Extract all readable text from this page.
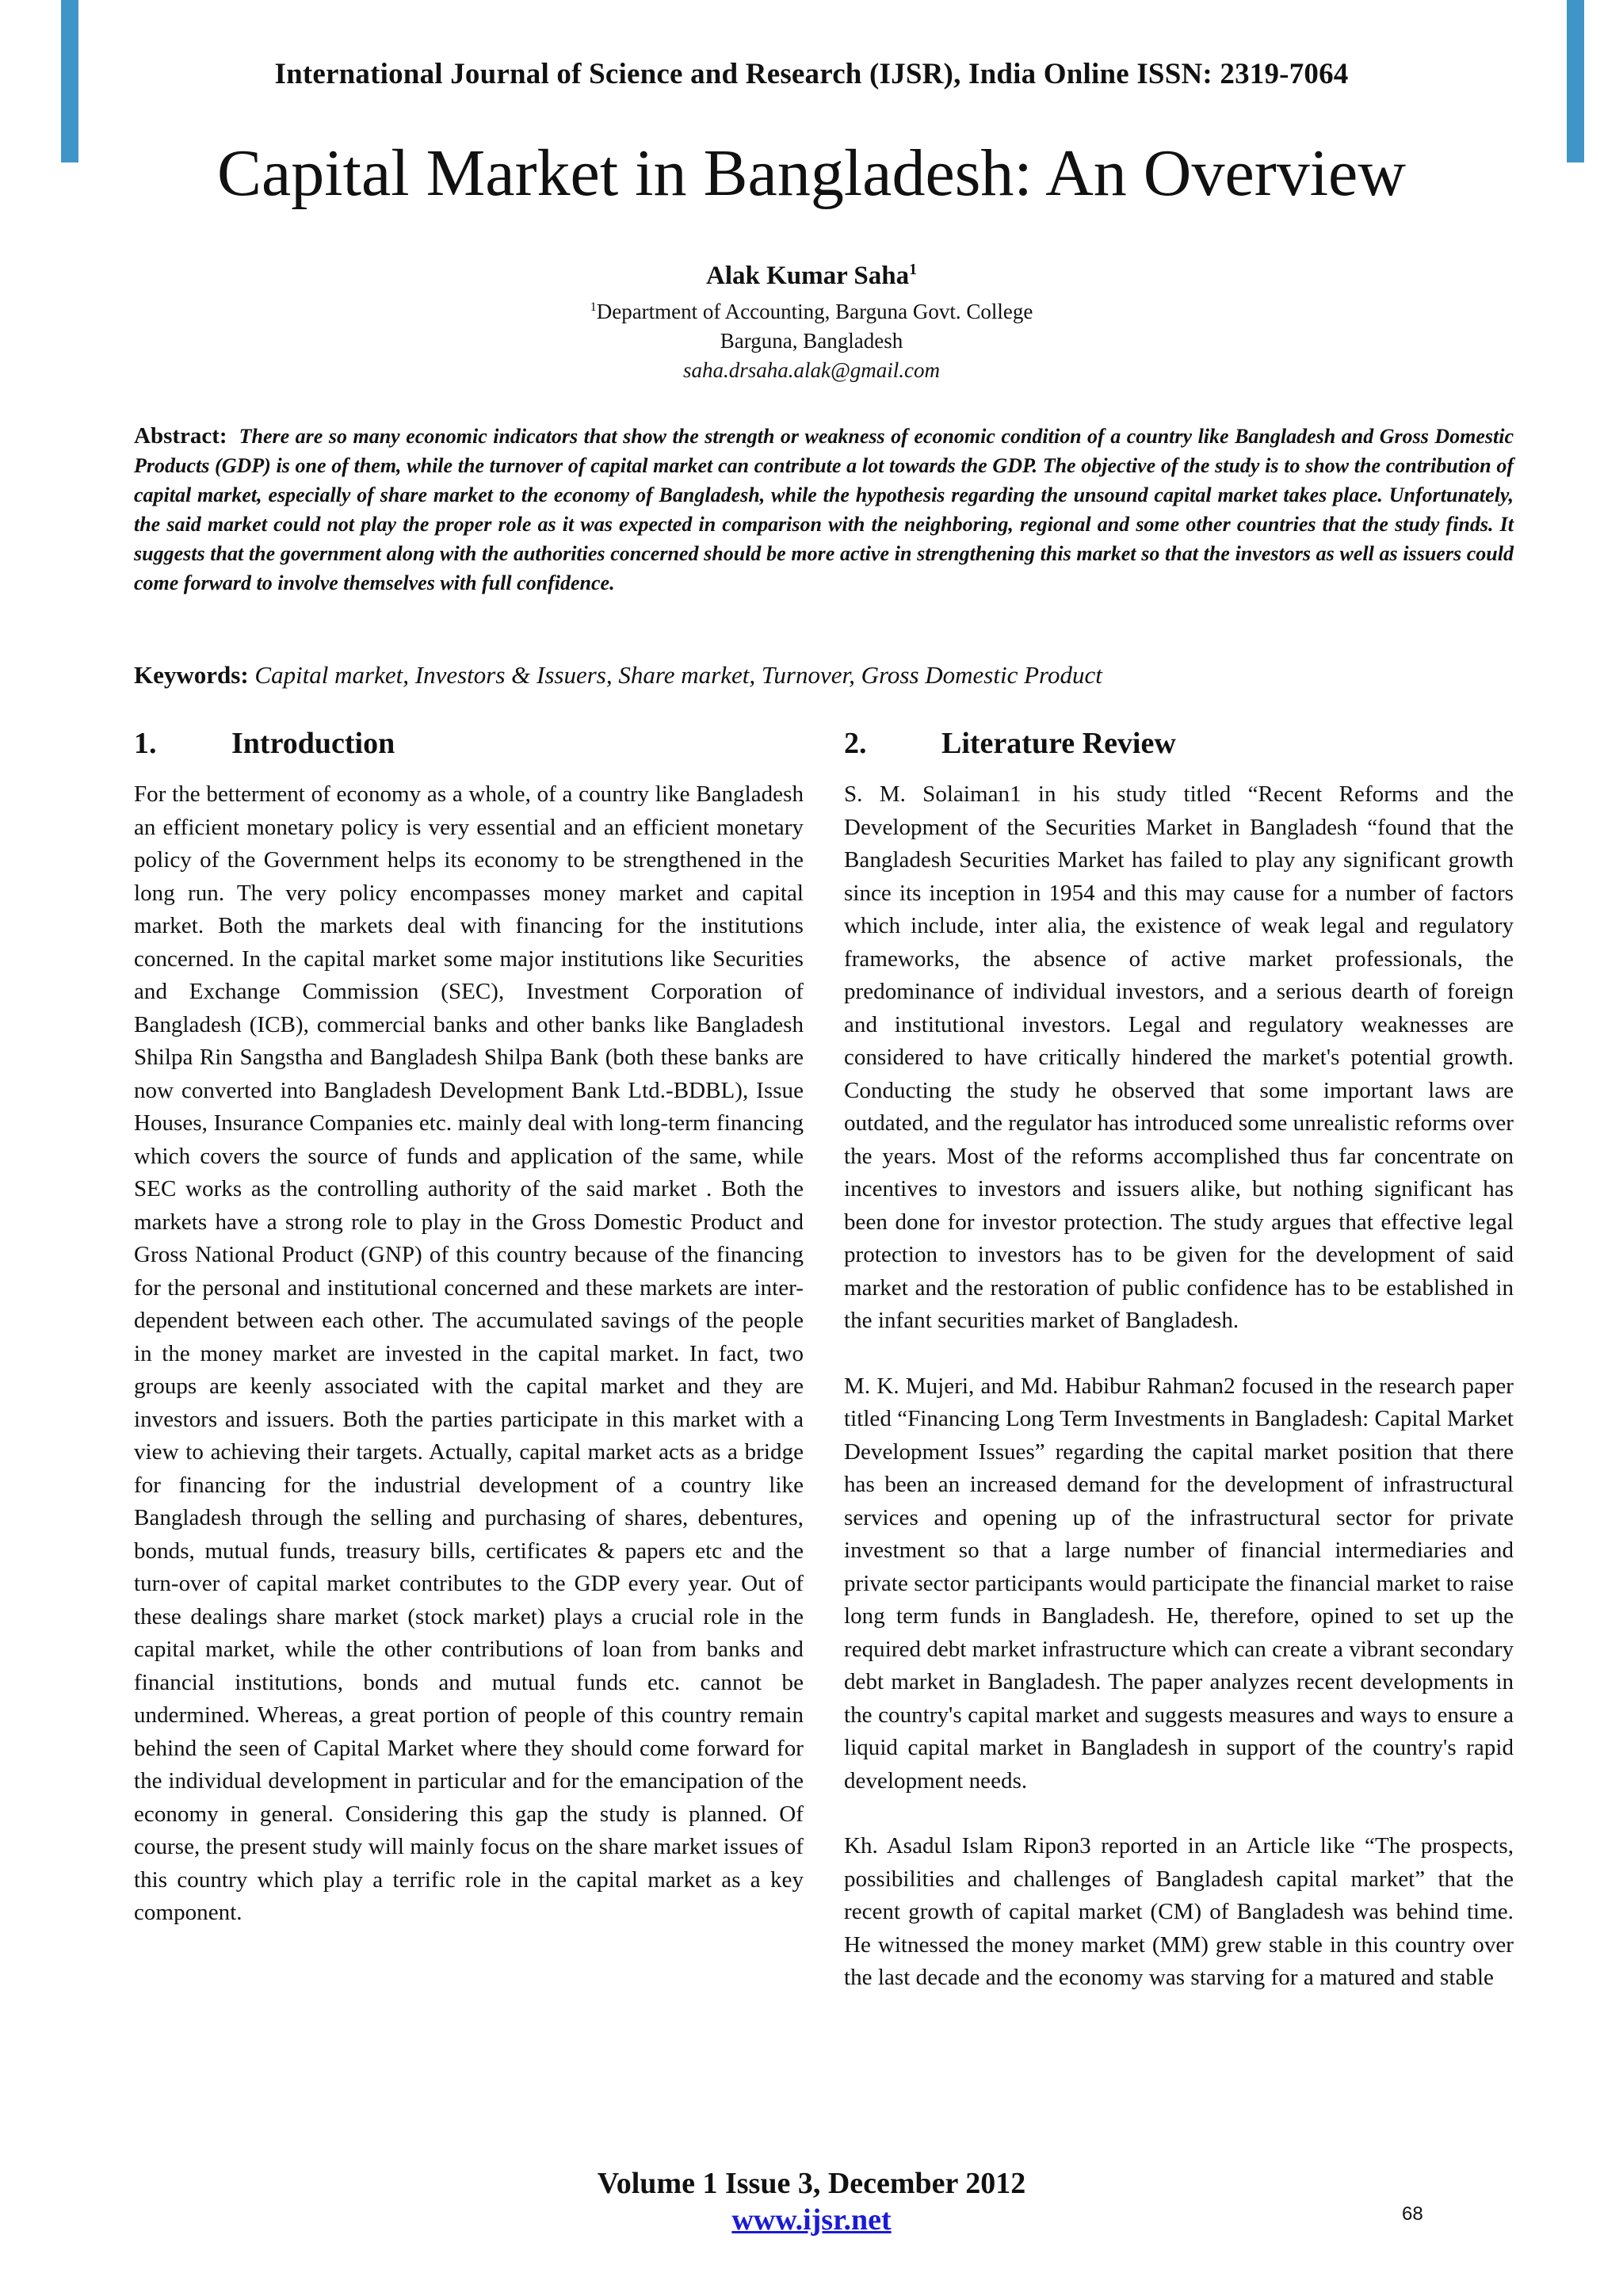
International Journal of Science and Research (IJSR), India Online ISSN: 2319-7064
Capital Market in Bangladesh: An Overview
Alak Kumar Saha$^1$
$^1$Department of Accounting, Barguna Govt. College
Barguna, Bangladesh
saha.drsaha.alak@gmail.com
Abstract: There are so many economic indicators that show the strength or weakness of economic condition of a country like Bangladesh and Gross Domestic Products (GDP) is one of them, while the turnover of capital market can contribute a lot towards the GDP. The objective of the study is to show the contribution of capital market, especially of share market to the economy of Bangladesh, while the hypothesis regarding the unsound capital market takes place. Unfortunately, the said market could not play the proper role as it was expected in comparison with the neighboring, regional and some other countries that the study finds. It suggests that the government along with the authorities concerned should be more active in strengthening this market so that the investors as well as issuers could come forward to involve themselves with full confidence.
Keywords: Capital market, Investors & Issuers, Share market, Turnover, Gross Domestic Product
1.	Introduction

For the betterment of economy as a whole, of a country like Bangladesh an efficient monetary policy is very essential and an efficient monetary policy of the Government helps its economy to be strengthened in the long run. The very policy encompasses money market and capital market. Both the markets deal with financing for the institutions concerned. In the capital market some major institutions like Securities and Exchange Commission (SEC), Investment Corporation of Bangladesh (ICB), commercial banks and other banks like Bangladesh Shilpa Rin Sangstha and Bangladesh Shilpa Bank (both these banks are now converted into Bangladesh Development Bank Ltd.-BDBL), Issue Houses, Insurance Companies etc. mainly deal with long-term financing which covers the source of funds and application of the same, while SEC works as the controlling authority of the said market . Both the markets have a strong role to play in the Gross Domestic Product and Gross National Product (GNP) of this country because of the financing for the personal and institutional concerned and these markets are inter-dependent between each other. The accumulated savings of the people in the money market are invested in the capital market. In fact, two groups are keenly associated with the capital market and they are investors and issuers. Both the parties participate in this market with a view to achieving their targets. Actually, capital market acts as a bridge for financing for the industrial development of a country like Bangladesh through the selling and purchasing of shares, debentures, bonds, mutual funds, treasury bills, certificates & papers etc and the turn-over of capital market contributes to the GDP every year. Out of these dealings share market (stock market) plays a crucial role in the capital market, while the other contributions of loan from banks and financial institutions, bonds and mutual funds etc. cannot be undermined. Whereas, a great portion of people of this country remain behind the seen of Capital Market where they should come forward for the individual development in particular and for the emancipation of the economy in general. Considering this gap the study is planned. Of course, the present study will mainly focus on the share market issues of this country which play a terrific role in the capital market as a key component.

2.	Literature Review

S. M. Solaiman1 in his study titled “Recent Reforms and the Development of the Securities Market in Bangladesh “found that the Bangladesh Securities Market has failed to play any significant growth since its inception in 1954 and this may cause for a number of factors which include, inter alia, the existence of weak legal and regulatory frameworks, the absence of active market professionals, the predominance of individual investors, and a serious dearth of foreign and institutional investors. Legal and regulatory weaknesses are considered to have critically hindered the market's potential growth. Conducting the study he observed that some important laws are outdated, and the regulator has introduced some unrealistic reforms over the years. Most of the reforms accomplished thus far concentrate on incentives to investors and issuers alike, but nothing significant has been done for investor protection. The study argues that effective legal protection to investors has to be given for the development of said market and the restoration of public confidence has to be established in the infant securities market of Bangladesh.

M. K. Mujeri, and Md. Habibur Rahman2 focused in the research paper titled “Financing Long Term Investments in Bangladesh: Capital Market Development Issues” regarding the capital market position that there has been an increased demand for the development of infrastructural services and opening up of the infrastructural sector for private investment so that a large number of financial intermediaries and private sector participants would participate the financial market to raise long term funds in Bangladesh. He, therefore, opined to set up the required debt market infrastructure which can create a vibrant secondary debt market in Bangladesh. The paper analyzes recent developments in the country's capital market and suggests measures and ways to ensure a liquid capital market in Bangladesh in support of the country's rapid development needs.

Kh. Asadul Islam Ripon3 reported in an Article like “The prospects, possibilities and challenges of Bangladesh capital market” that the recent growth of capital market (CM) of Bangladesh was behind time. He witnessed the money market (MM) grew stable in this country over the last decade and the economy was starving for a matured and stable

Volume 1 Issue 3, December 2012
www.ijsr.net	68
